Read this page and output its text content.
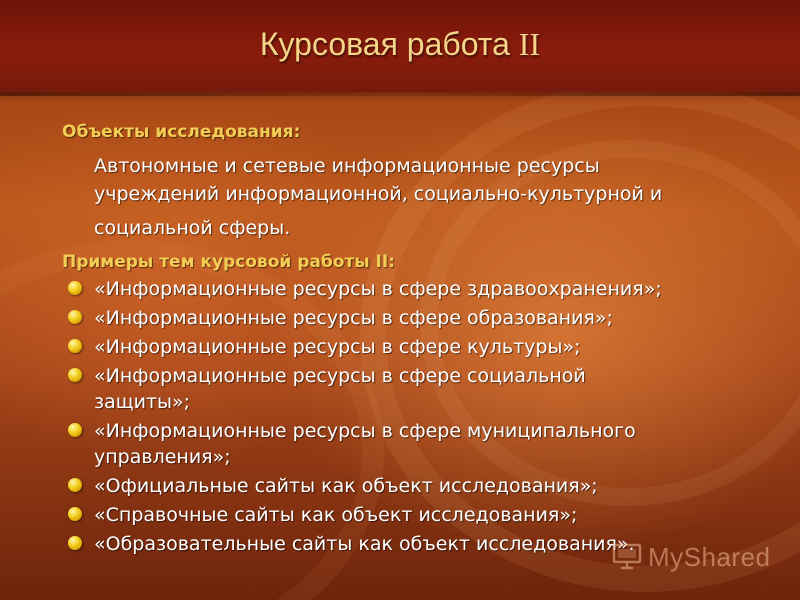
Курсовая работа II

Объекты исследования:

Автономные и сетевые информационные ресурсы
учреждений информационной, социально-культурной и
социальной сферы.

Примеры тем курсовой работы II:

«Информационные ресурсы в сфере здравоохранения»;
«Информационные ресурсы в сфере образования»;
«Информационные ресурсы в сфере культуры»;
«Информационные ресурсы в сфере социальной
защиты»;
«Информационные ресурсы в сфере муниципального
управления»;
«Официальные сайты как объект исследования»;
«Справочные сайты как объект исследования»;
«Образовательные сайты как объект исследования». MyShared
